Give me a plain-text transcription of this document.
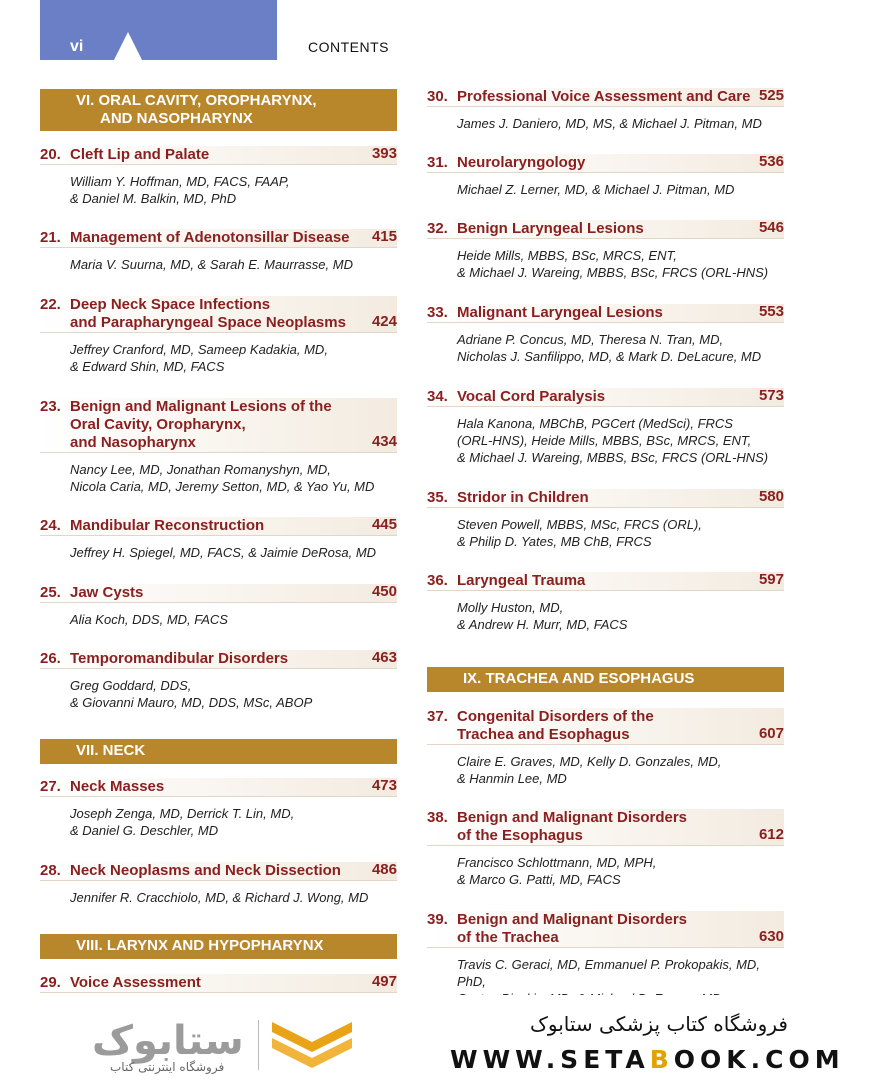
vi	CONTENTS
VI. ORAL CAVITY, OROPHARYNX,
AND NASOPHARYNX
20. Cleft Lip and Palate	393
William Y. Hoffman, MD, FACS, FAAP,
& Daniel M. Balkin, MD, PhD
21. Management of Adenotonsillar Disease	415
Maria V. Suurna, MD, & Sarah E. Maurrasse, MD
22. Deep Neck Space Infections
and Parapharyngeal Space Neoplasms	424
Jeffrey Cranford, MD, Sameep Kadakia, MD,
& Edward Shin, MD, FACS
23. Benign and Malignant Lesions of the
Oral Cavity, Oropharynx,
and Nasopharynx	434
Nancy Lee, MD, Jonathan Romanyshyn, MD,
Nicola Caria, MD, Jeremy Setton, MD, & Yao Yu, MD
24. Mandibular Reconstruction	445
Jeffrey H. Spiegel, MD, FACS, & Jaimie DeRosa, MD
25. Jaw Cysts	450
Alia Koch, DDS, MD, FACS
26. Temporomandibular Disorders	463
Greg Goddard, DDS,
& Giovanni Mauro, MD, DDS, MSc, ABOP
VII. NECK
27. Neck Masses	473
Joseph Zenga, MD, Derrick T. Lin, MD,
& Daniel G. Deschler, MD
28. Neck Neoplasms and Neck Dissection	486
Jennifer R. Cracchiolo, MD, & Richard J. Wong, MD
VIII. LARYNX AND HYPOPHARYNX
29. Voice Assessment	497
30. Professional Voice Assessment and Care 525
James J. Daniero, MD, MS, & Michael J. Pitman, MD
31. Neurolaryngology	536
Michael Z. Lerner, MD, & Michael J. Pitman, MD
32. Benign Laryngeal Lesions	546
Heide Mills, MBBS, BSc, MRCS, ENT,
& Michael J. Wareing, MBBS, BSc, FRCS (ORL-HNS)
33. Malignant Laryngeal Lesions	553
Adriane P. Concus, MD, Theresa N. Tran, MD,
Nicholas J. Sanfilippo, MD, & Mark D. DeLacure, MD
34. Vocal Cord Paralysis	573
Hala Kanona, MBChB, PGCert (MedSci), FRCS
(ORL-HNS), Heide Mills, MBBS, BSc, MRCS, ENT,
& Michael J. Wareing, MBBS, BSc, FRCS (ORL-HNS)
35. Stridor in Children	580
Steven Powell, MBBS, MSc, FRCS (ORL),
& Philip D. Yates, MB ChB, FRCS
36. Laryngeal Trauma	597
Molly Huston, MD,
& Andrew H. Murr, MD, FACS
IX. TRACHEA AND ESOPHAGUS
37. Congenital Disorders of the
Trachea and Esophagus	607
Claire E. Graves, MD, Kelly D. Gonzales, MD,
& Hanmin Lee, MD
38. Benign and Malignant Disorders
of the Esophagus	612
Francisco Schlottmann, MD, MPH,
& Marco G. Patti, MD, FACS
39. Benign and Malignant Disorders
of the Trachea	630
Travis C. Geraci, MD, Emmanuel P. Prokopakis, MD, PhD,
ستابوک
فروشگاه اینترنتی کتاب
فروشگاه کتاب پزشکی ستابوک
WWW.SETABOOK.COM
